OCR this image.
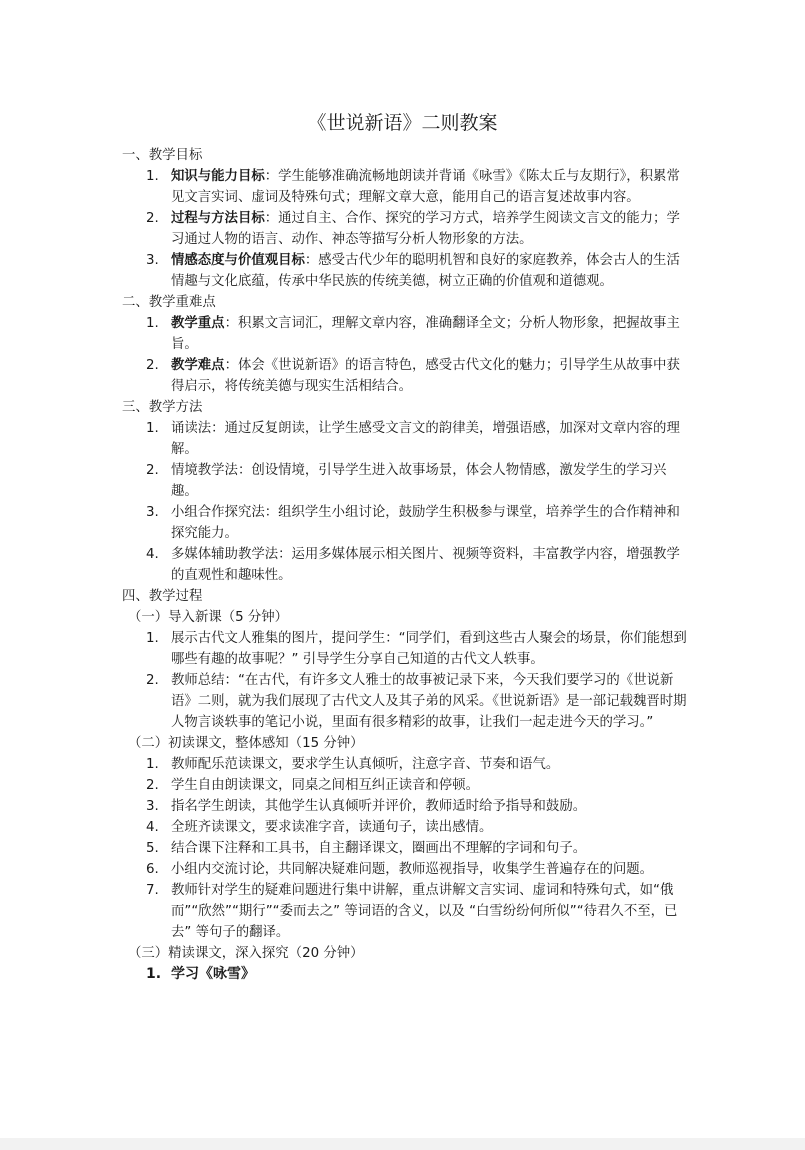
《世说新语》二则教案
一、教学目标
1. 知识与能力目标：学生能够准确流畅地朗读并背诵《咏雪》《陈太丘与友期行》，积累常见文言实词、虚词及特殊句式；理解文章大意，能用自己的语言复述故事内容。
2. 过程与方法目标：通过自主、合作、探究的学习方式，培养学生阅读文言文的能力；学习通过人物的语言、动作、神态等描写分析人物形象的方法。
3. 情感态度与价值观目标：感受古代少年的聪明机智和良好的家庭教养，体会古人的生活情趣与文化底蕴，传承中华民族的传统美德，树立正确的价值观和道德观。
二、教学重难点
1. 教学重点：积累文言词汇，理解文章内容，准确翻译全文；分析人物形象，把握故事主旨。
2. 教学难点：体会《世说新语》的语言特色，感受古代文化的魅力；引导学生从故事中获得启示，将传统美德与现实生活相结合。
三、教学方法
1. 诵读法：通过反复朗读，让学生感受文言文的韵律美，增强语感，加深对文章内容的理解。
2. 情境教学法：创设情境，引导学生进入故事场景，体会人物情感，激发学生的学习兴趣。
3. 小组合作探究法：组织学生小组讨论，鼓励学生积极参与课堂，培养学生的合作精神和探究能力。
4. 多媒体辅助教学法：运用多媒体展示相关图片、视频等资料，丰富教学内容，增强教学的直观性和趣味性。
四、教学过程
（一）导入新课（5 分钟）
1. 展示古代文人雅集的图片，提问学生：“同学们，看到这些古人聚会的场景，你们能想到哪些有趣的故事呢？” 引导学生分享自己知道的古代文人轶事。
2. 教师总结：“在古代，有许多文人雅士的故事被记录下来，今天我们要学习的《世说新语》二则，就为我们展现了古代文人及其子弟的风采。《世说新语》是一部记载魏晋时期人物言谈轶事的笔记小说，里面有很多精彩的故事，让我们一起走进今天的学习。”
（二）初读课文，整体感知（15 分钟）
1. 教师配乐范读课文，要求学生认真倾听，注意字音、节奏和语气。
2. 学生自由朗读课文，同桌之间相互纠正读音和停顿。
3. 指名学生朗读，其他学生认真倾听并评价，教师适时给予指导和鼓励。
4. 全班齐读课文，要求读准字音，读通句子，读出感情。
5. 结合课下注释和工具书，自主翻译课文，圈画出不理解的字词和句子。
6. 小组内交流讨论，共同解决疑难问题，教师巡视指导，收集学生普遍存在的问题。
7. 教师针对学生的疑难问题进行集中讲解，重点讲解文言实词、虚词和特殊句式，如“俄而”“欣然”“期行”“委而去之” 等词语的含义，以及 “白雪纷纷何所似”“待君久不至，已去” 等句子的翻译。
（三）精读课文，深入探究（20 分钟）
1. 学习《咏雪》
